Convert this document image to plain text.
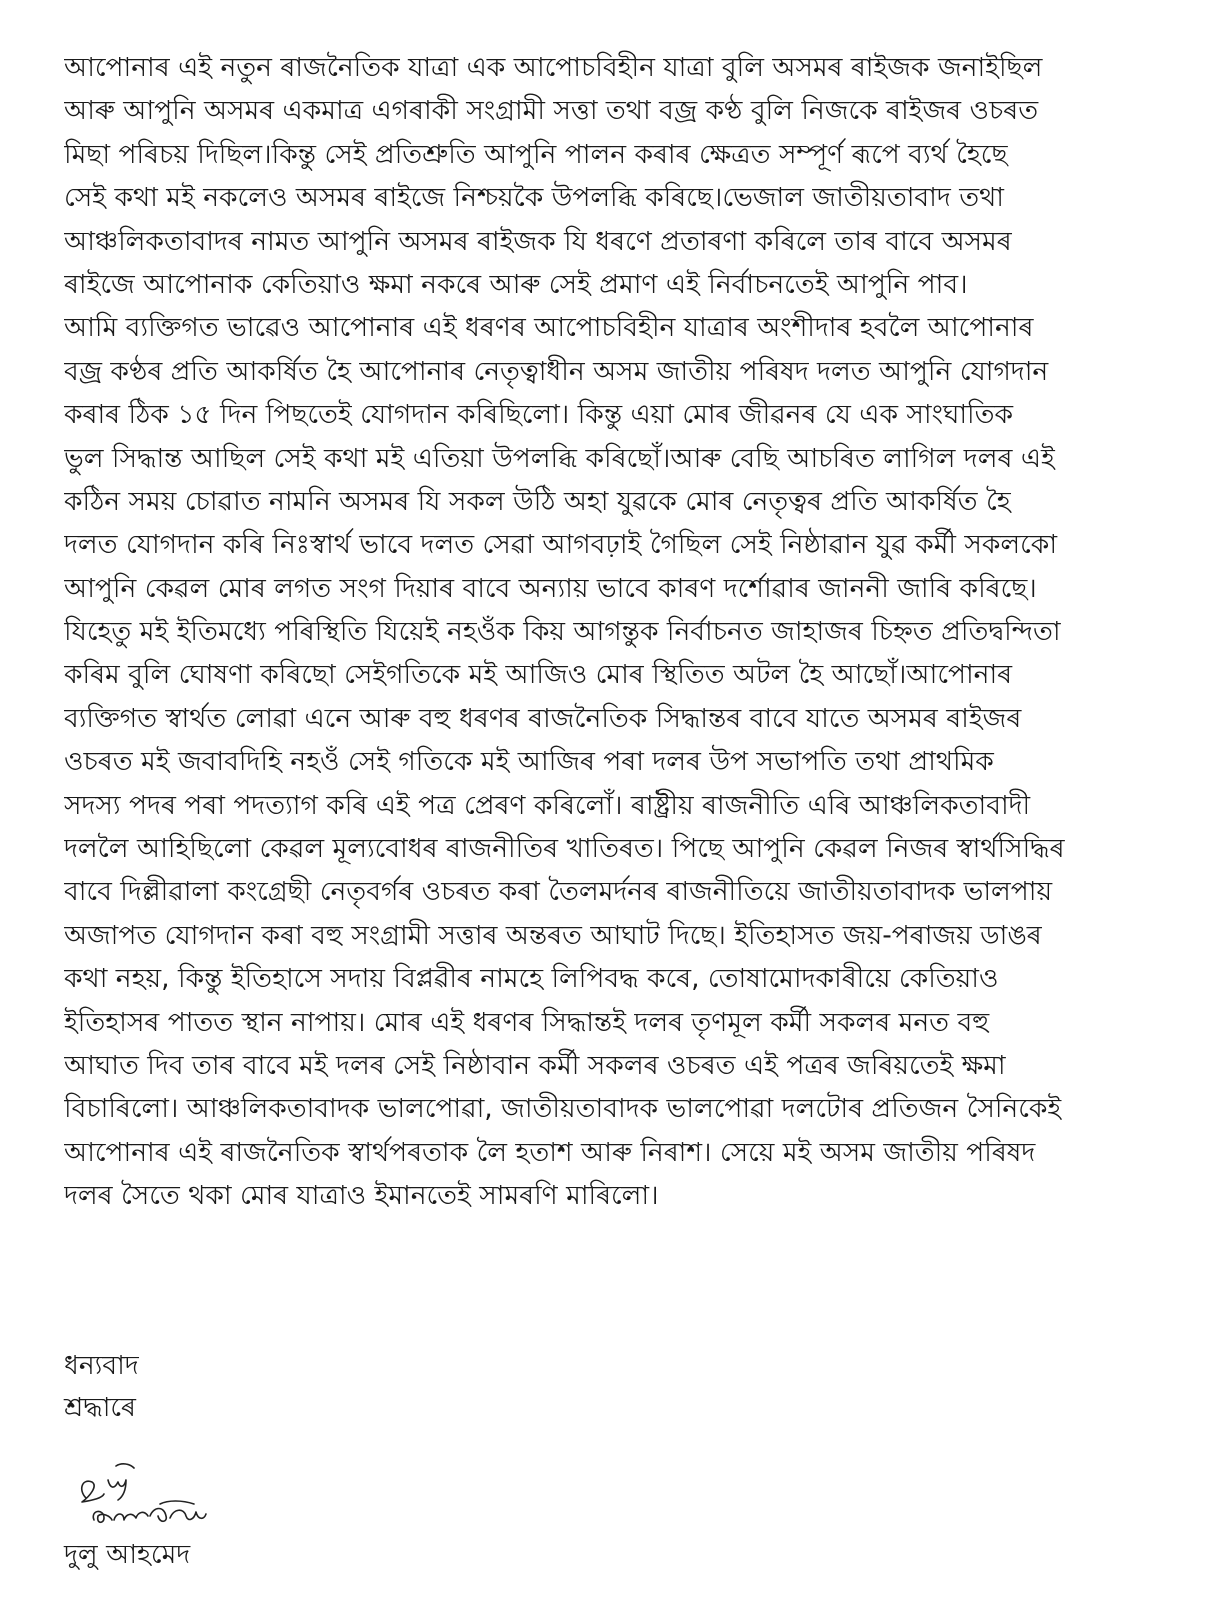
আপোনাৰ এই নতুন ৰাজনৈতিক যাত্ৰা এক আপোচবিহীন যাত্ৰা বুলি অসমৰ ৰাইজক জনাইছিল
আৰু আপুনি অসমৰ একমাত্ৰ এগৰাকী সংগ্ৰামী সত্তা তথা বজ্ৰ কণ্ঠ বুলি নিজকে ৰাইজৰ ওচৰত
মিছা পৰিচয় দিছিল।কিন্তু সেই প্ৰতিশ্ৰুতি আপুনি পালন কৰাৰ ক্ষেত্ৰত সম্পূৰ্ণ ৰূপে ব্যৰ্থ হৈছে
সেই কথা মই নকলেও অসমৰ ৰাইজে নিশ্চয়কৈ উপলব্ধি কৰিছে।ভেজাল জাতীয়তাবাদ তথা
আঞ্চলিকতাবাদৰ নামত আপুনি অসমৰ ৰাইজক যি ধৰণে প্ৰতাৰণা কৰিলে তাৰ বাবে অসমৰ
ৰাইজে আপোনাক কেতিয়াও ক্ষমা নকৰে আৰু সেই প্ৰমাণ এই নিৰ্বাচনতেই আপুনি পাব।
আমি ব্যক্তিগত ভাৱেও আপোনাৰ এই ধৰণৰ আপোচবিহীন যাত্ৰাৰ অংশীদাৰ হবলৈ আপোনাৰ
বজ্ৰ কণ্ঠৰ প্ৰতি আকৰ্ষিত হৈ আপোনাৰ নেতৃত্বাধীন অসম জাতীয় পৰিষদ দলত আপুনি যোগদান
কৰাৰ ঠিক ১৫ দিন পিছতেই যোগদান কৰিছিলো। কিন্তু এয়া মোৰ জীৱনৰ যে এক সাংঘাতিক
ভুল সিদ্ধান্ত আছিল সেই কথা মই এতিয়া উপলব্ধি কৰিছোঁ।আৰু বেছি আচৰিত লাগিল দলৰ এই
কঠিন সময় চোৱাত নামনি অসমৰ যি সকল উঠি অহা যুৱকে মোৰ নেতৃত্বৰ প্ৰতি আকৰ্ষিত হৈ
দলত যোগদান কৰি নিঃস্বাৰ্থ ভাবে দলত সেৱা আগবঢ়াই গৈছিল সেই নিষ্ঠাৱান যুৱ কৰ্মী সকলকো
আপুনি কেৱল মোৰ লগত সংগ দিয়াৰ বাবে অন্যায় ভাবে কাৰণ দৰ্শোৱাৰ জাননী জাৰি কৰিছে।
যিহেতু মই ইতিমধ্যে পৰিস্থিতি যিয়েই নহওঁক কিয় আগন্তুক নিৰ্বাচনত জাহাজৰ চিহ্নত প্ৰতিদ্বন্দিতা
কৰিম বুলি ঘোষণা কৰিছো সেইগতিকে মই আজিও মোৰ স্থিতিত অটল হৈ আছোঁ।আপোনাৰ
ব্যক্তিগত স্বাৰ্থত লোৱা এনে আৰু বহু ধৰণৰ ৰাজনৈতিক সিদ্ধান্তৰ বাবে যাতে অসমৰ ৰাইজৰ
ওচৰত মই জবাবদিহি নহওঁ সেই গতিকে মই আজিৰ পৰা দলৰ উপ সভাপতি তথা প্ৰাথমিক
সদস্য পদৰ পৰা পদত্যাগ কৰি এই পত্ৰ প্ৰেৰণ কৰিলোঁ। ৰাষ্ট্ৰীয় ৰাজনীতি এৰি আঞ্চলিকতাবাদী
দললৈ আহিছিলো কেৱল মূল্যবোধৰ ৰাজনীতিৰ খাতিৰত। পিছে আপুনি কেৱল নিজৰ স্বাৰ্থসিদ্ধিৰ
বাবে দিল্লীৱালা কংগ্ৰেছী নেতৃবৰ্গৰ ওচৰত কৰা তৈলমৰ্দনৰ ৰাজনীতিয়ে জাতীয়তাবাদক ভালপায়
অজাপত যোগদান কৰা বহু সংগ্ৰামী সত্তাৰ অন্তৰত আঘাট দিছে। ইতিহাসত জয়-পৰাজয় ডাঙৰ
কথা নহয়, কিন্তু ইতিহাসে সদায় বিপ্লৱীৰ নামহে লিপিবদ্ধ কৰে, তোষামোদকাৰীয়ে কেতিয়াও
ইতিহাসৰ পাতত স্থান নাপায়। মোৰ এই ধৰণৰ সিদ্ধান্তই দলৰ তৃণমূল কৰ্মী সকলৰ মনত বহু
আঘাত দিব তাৰ বাবে মই দলৰ সেই নিষ্ঠাবান কৰ্মী সকলৰ ওচৰত এই পত্ৰৰ জৰিয়তেই ক্ষমা
বিচাৰিলো। আঞ্চলিকতাবাদক ভালপোৱা, জাতীয়তাবাদক ভালপোৱা দলটোৰ প্ৰতিজন সৈনিকেই
আপোনাৰ এই ৰাজনৈতিক স্বাৰ্থপৰতাক লৈ হতাশ আৰু নিৰাশ। সেয়ে মই অসম জাতীয় পৰিষদ
দলৰ সৈতে থকা মোৰ যাত্ৰাও ইমানতেই সামৰণি মাৰিলো।
ধন্যবাদ
শ্ৰদ্ধাৰে
দুলু আহমেদ
